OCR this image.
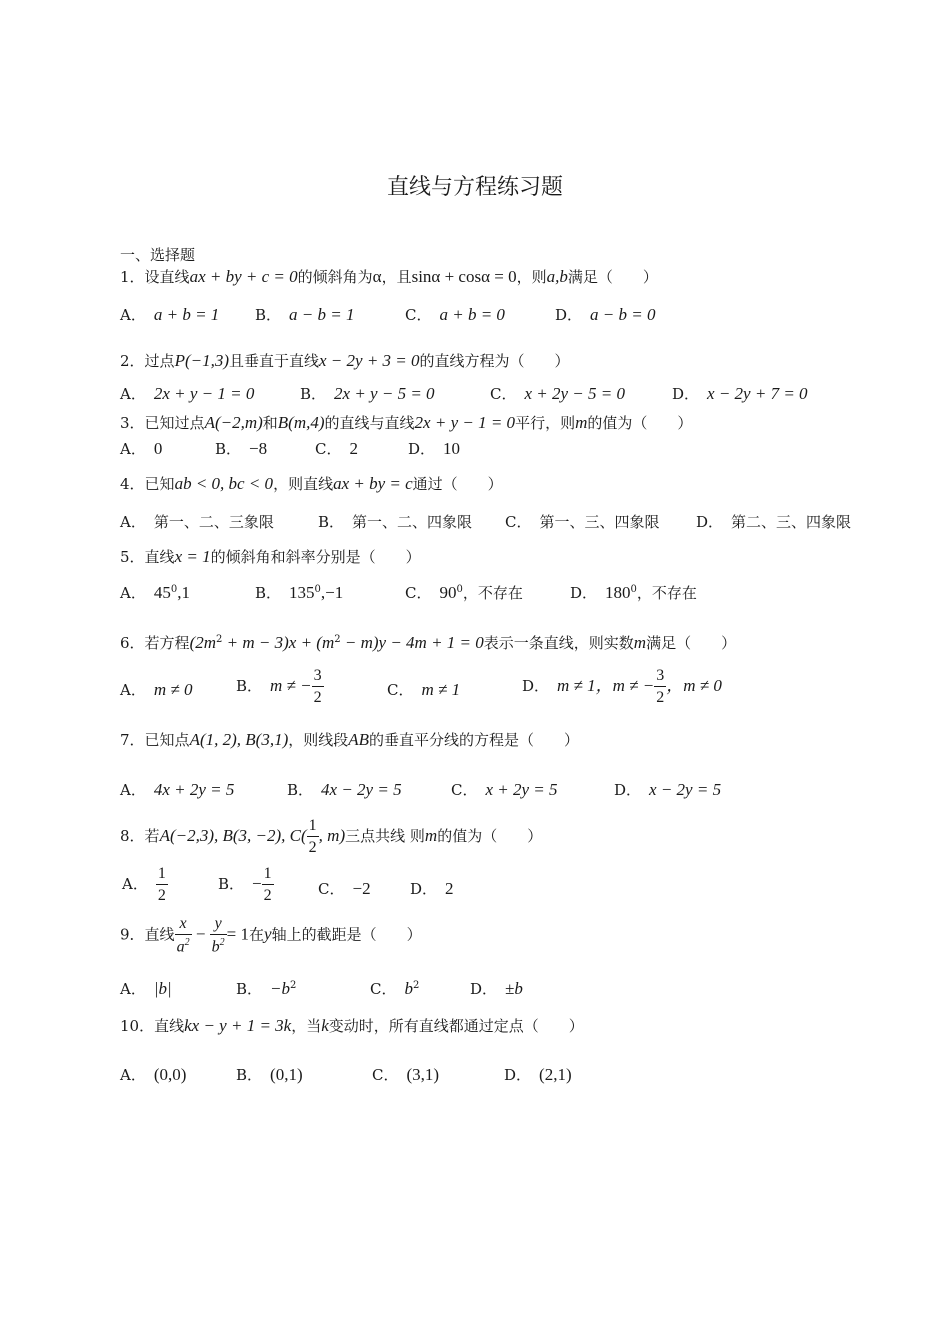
直线与方程练习题
一、选择题
1．设直线ax + by + c = 0的倾斜角为α，且sinα + cosα = 0，则a,b满足（　　）
A． a + b = 1 B． a − b = 1	C． a + b = 0	D． a − b = 0
2．过点P(−1,3)且垂直于直线x − 2y + 3 = 0的直线方程为（　　）
A． 2x + y − 1 = 0	B． 2x + y − 5 = 0	C． x + 2y − 5 = 0	D． x − 2y + 7 = 0
3．已知过点A(−2,m)和B(m,4)的直线与直线2x + y − 1 = 0平行，则m的值为（　　）
A． 0	B． −8	C． 2	D． 10
4．已知ab < 0, bc < 0，则直线ax + by = c通过（　　）
A． 第一、二、三象限	B． 第一、二、四象限 C． 第一、三、四象限 D． 第二、三、四象限
5．直线x = 1的倾斜角和斜率分别是（　　）
A． $45^0,1$	B． $135^0,-1$	C． $90^0$，不存在	D． $180^0$，不存在
6．若方程$(2m^2 + m - 3)x + (m^2 - m)y - 4m + 1 = 0$表示一条直线，则实数m满足（　　）
A． m ≠ 0	B． m ≠ − $\frac{3}{2}$	C． m ≠ 1	D． m ≠ 1，m ≠ − $\frac{3}{2}$ ，m ≠ 0
7．已知点A(1, 2), B(3,1)，则线段AB的垂直平分线的方程是（　　）
A． 4x + 2y = 5	B． 4x − 2y = 5	C． x + 2y = 5	D． x − 2y = 5
8．若A(−2,3), B(3, −2), $C( \frac{1}{2}$ , m)三点共线 则m的值为（　　）
A． $\frac{1}{2}$	B． − $\frac{1}{2}$	C． −2	D． 2
9．直线 $\frac{x}{a^2} - \frac{y}{b^2} = 1$在y轴上的截距是（　　）
A． |b|	B． $-b^2$	C． $b^2$	D． ±b
10．直线kx − y + 1 = 3k，当k变动时，所有直线都通过定点（　　）
A． (0,0)	B． (0,1)	C． (3,1)	D． (2,1)
